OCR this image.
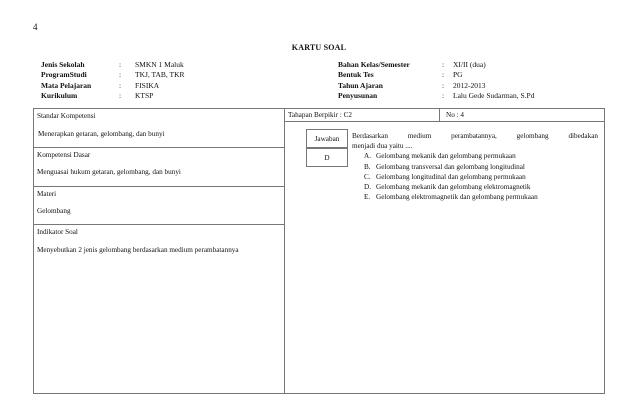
4
KARTU SOAL
Jenis Sekolah	:	SMKN 1 Maluk
ProgramStudi	:	TKJ, TAB, TKR
Mata Pelajaran	:	FISIKA
Kurikulum	:	KTSP
Bahan Kelas/Semester	:	XI/II (dua)
Bentuk Tes	:	PG
Tahun Ajaran	:	2012-2013
Penyusunan	:	Lalu Gede Sudarman, S.Pd
Standar Kompetensi
Menerapkan getaran, gelombang, dan bunyi
Kompetensi Dasar
Menguasai hukum getaran, gelombang, dan bunyi
Materi
Gelombang
Indikator Soal
Menyebutkan 2 jenis gelombang berdasarkan medium perambatannya
Tahapan Berpikir : C2	No : 4
Jawaban
D
Berdasarkan medium perambatannya, gelombang dibedakan
menjadi dua yaitu ....
A. Gelombang mekanik dan gelombang permukaan
B. Gelombang transversal dan gelombang longitudinal
C. Gelombang longitudinal dan gelombang permukaan
D. Gelombang mekanik dan gelombang elektromagnetik
E. Gelombang elektromagnetik dan gelombang permukaan
